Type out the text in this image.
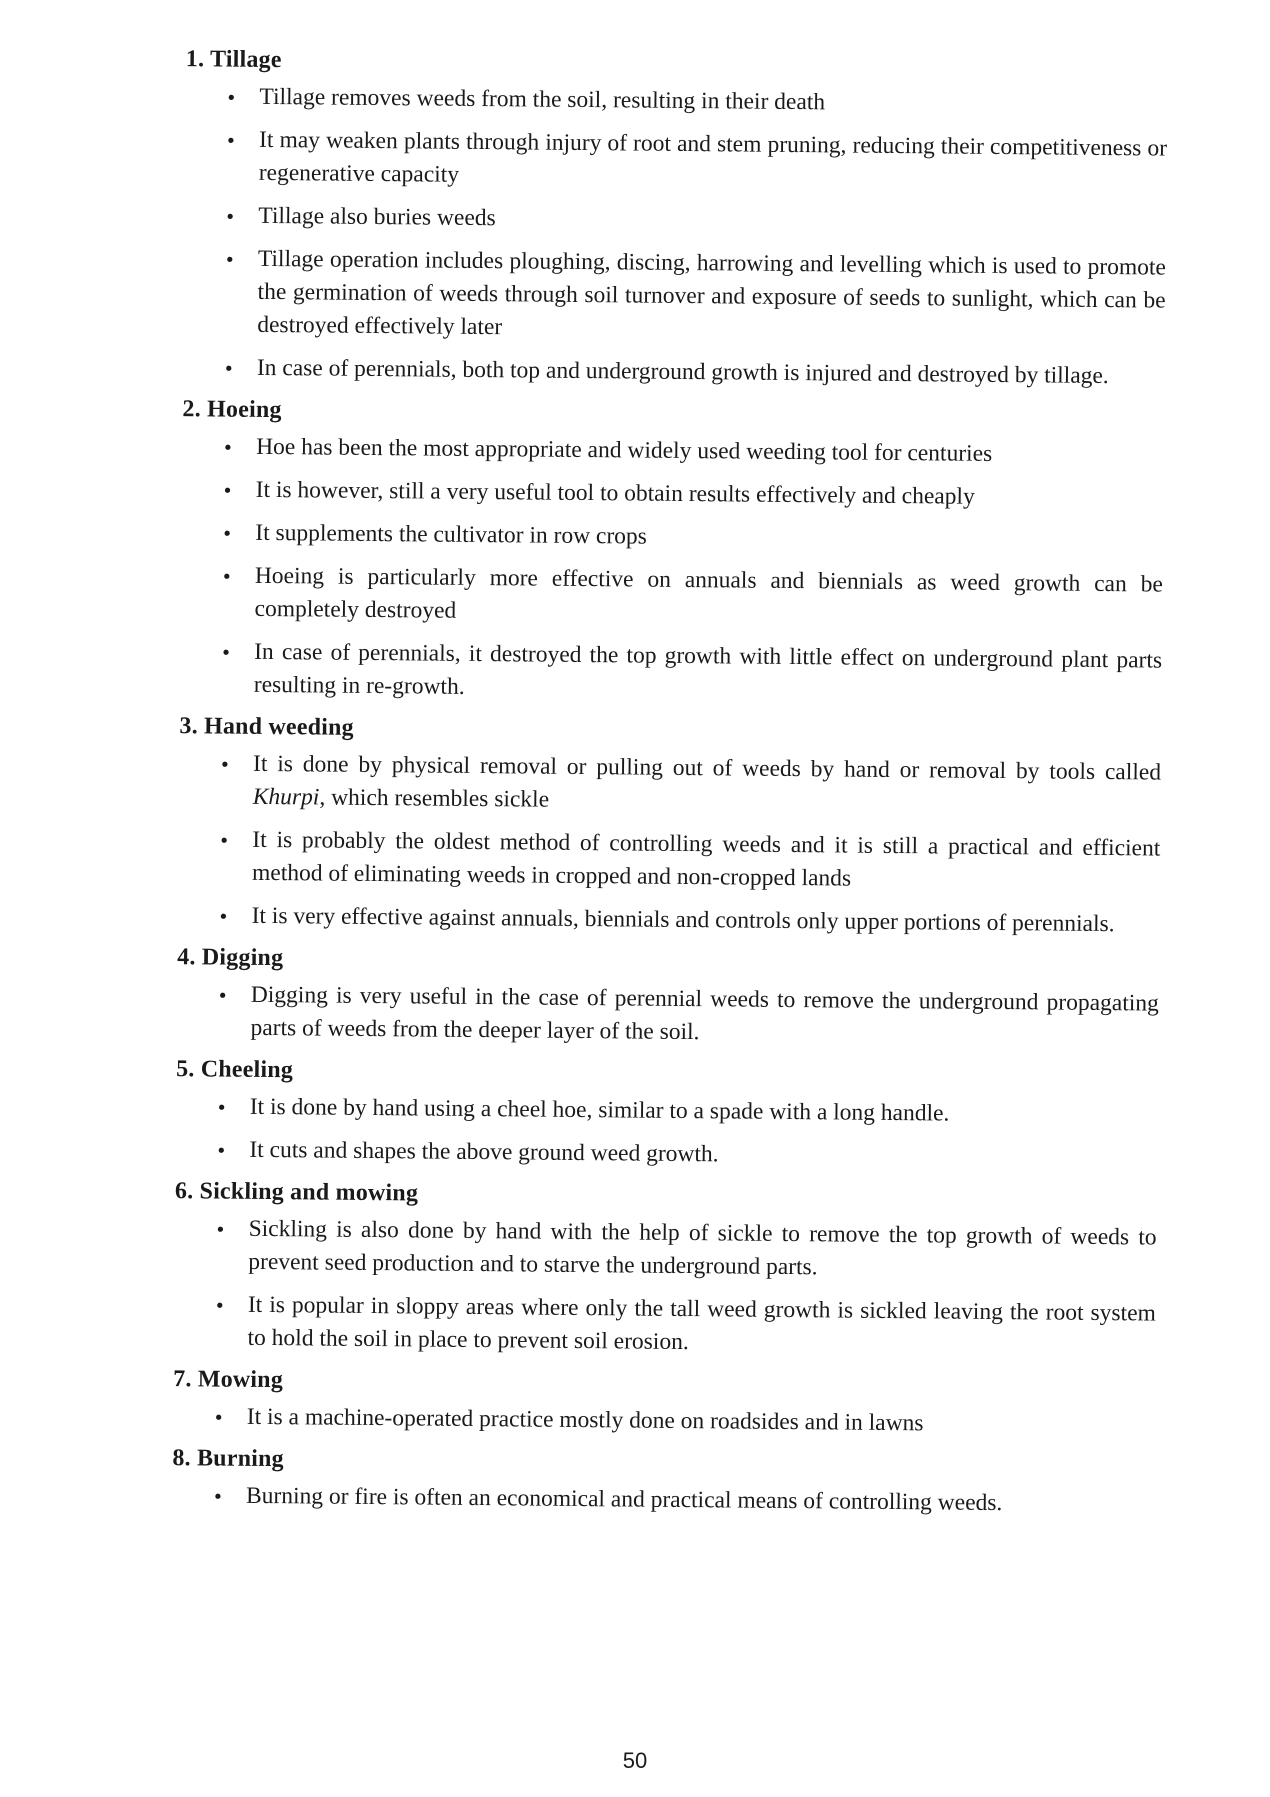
1. Tillage
• Tillage removes weeds from the soil, resulting in their death
• It may weaken plants through injury of root and stem pruning, reducing their competitiveness or regenerative capacity
• Tillage also buries weeds
• Tillage operation includes ploughing, discing, harrowing and levelling which is used to promote the germination of weeds through soil turnover and exposure of seeds to sunlight, which can be destroyed effectively later
• In case of perennials, both top and underground growth is injured and destroyed by tillage.
2. Hoeing
• Hoe has been the most appropriate and widely used weeding tool for centuries
• It is however, still a very useful tool to obtain results effectively and cheaply
• It supplements the cultivator in row crops
• Hoeing is particularly more effective on annuals and biennials as weed growth can be completely destroyed
• In case of perennials, it destroyed the top growth with little effect on underground plant parts resulting in re-growth.
3. Hand weeding
• It is done by physical removal or pulling out of weeds by hand or removal by tools called Khurpi, which resembles sickle
• It is probably the oldest method of controlling weeds and it is still a practical and efficient method of eliminating weeds in cropped and non-cropped lands
• It is very effective against annuals, biennials and controls only upper portions of perennials.
4. Digging
• Digging is very useful in the case of perennial weeds to remove the underground propagating parts of weeds from the deeper layer of the soil.
5. Cheeling
• It is done by hand using a cheel hoe, similar to a spade with a long handle.
• It cuts and shapes the above ground weed growth.
6. Sickling and mowing
• Sickling is also done by hand with the help of sickle to remove the top growth of weeds to prevent seed production and to starve the underground parts.
• It is popular in sloppy areas where only the tall weed growth is sickled leaving the root system to hold the soil in place to prevent soil erosion.
7. Mowing
• It is a machine-operated practice mostly done on roadsides and in lawns
8. Burning
• Burning or fire is often an economical and practical means of controlling weeds.
50
